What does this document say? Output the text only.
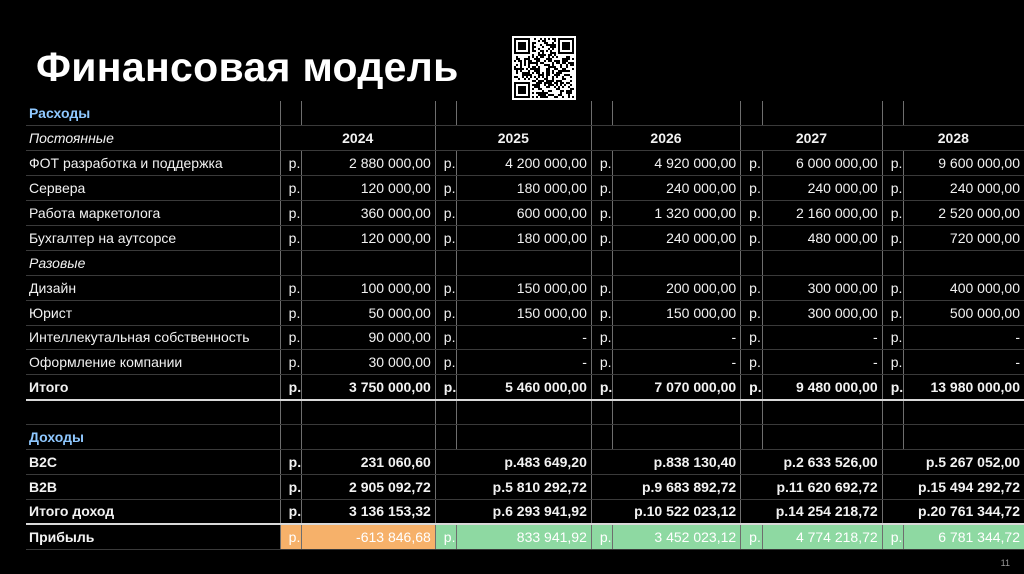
Финансовая модель
Расходы										
Постоянные	2024		2025		2026		2027		2028	
ФОТ разработка и поддержка	р.	2 880 000,00	р.	4 200 000,00	р.	4 920 000,00	р.	6 000 000,00	р.	9 600 000,00
Сервера	р.	120 000,00	р.	180 000,00	р.	240 000,00	р.	240 000,00	р.	240 000,00
Работа маркетолога	р.	360 000,00	р.	600 000,00	р.	1 320 000,00	р.	2 160 000,00	р.	2 520 000,00
Бухгалтер на аутсорсе	р.	120 000,00	р.	180 000,00	р.	240 000,00	р.	480 000,00	р.	720 000,00
Разовые										
Дизайн	р.	100 000,00	р.	150 000,00	р.	200 000,00	р.	300 000,00	р.	400 000,00
Юрист	р.	50 000,00	р.	150 000,00	р.	150 000,00	р.	300 000,00	р.	500 000,00
Интеллекутальная собственность	р.	90 000,00	р.	-	р.	-	р.	-	р.	-
Оформление компании	р.	30 000,00	р.	-	р.	-	р.	-	р.	-
Итого	р.	3 750 000,00	р.	5 460 000,00	р.	7 070 000,00	р.	9 480 000,00	р.	13 980 000,00

Доходы										
B2C	р.	231 060,60	р.483 649,20		р.838 130,40		р.2 633 526,00		р.5 267 052,00	
B2B	р.	2 905 092,72	р.5 810 292,72		р.9 683 892,72		р.11 620 692,72		р.15 494 292,72	
Итого доход	р.	3 136 153,32	р.6 293 941,92		р.10 522 023,12		р.14 254 218,72		р.20 761 344,72	
Прибыль	р.	-613 846,68	р.	833 941,92	р.	3 452 023,12	р.	4 774 218,72	р.	6 781 344,72
11
